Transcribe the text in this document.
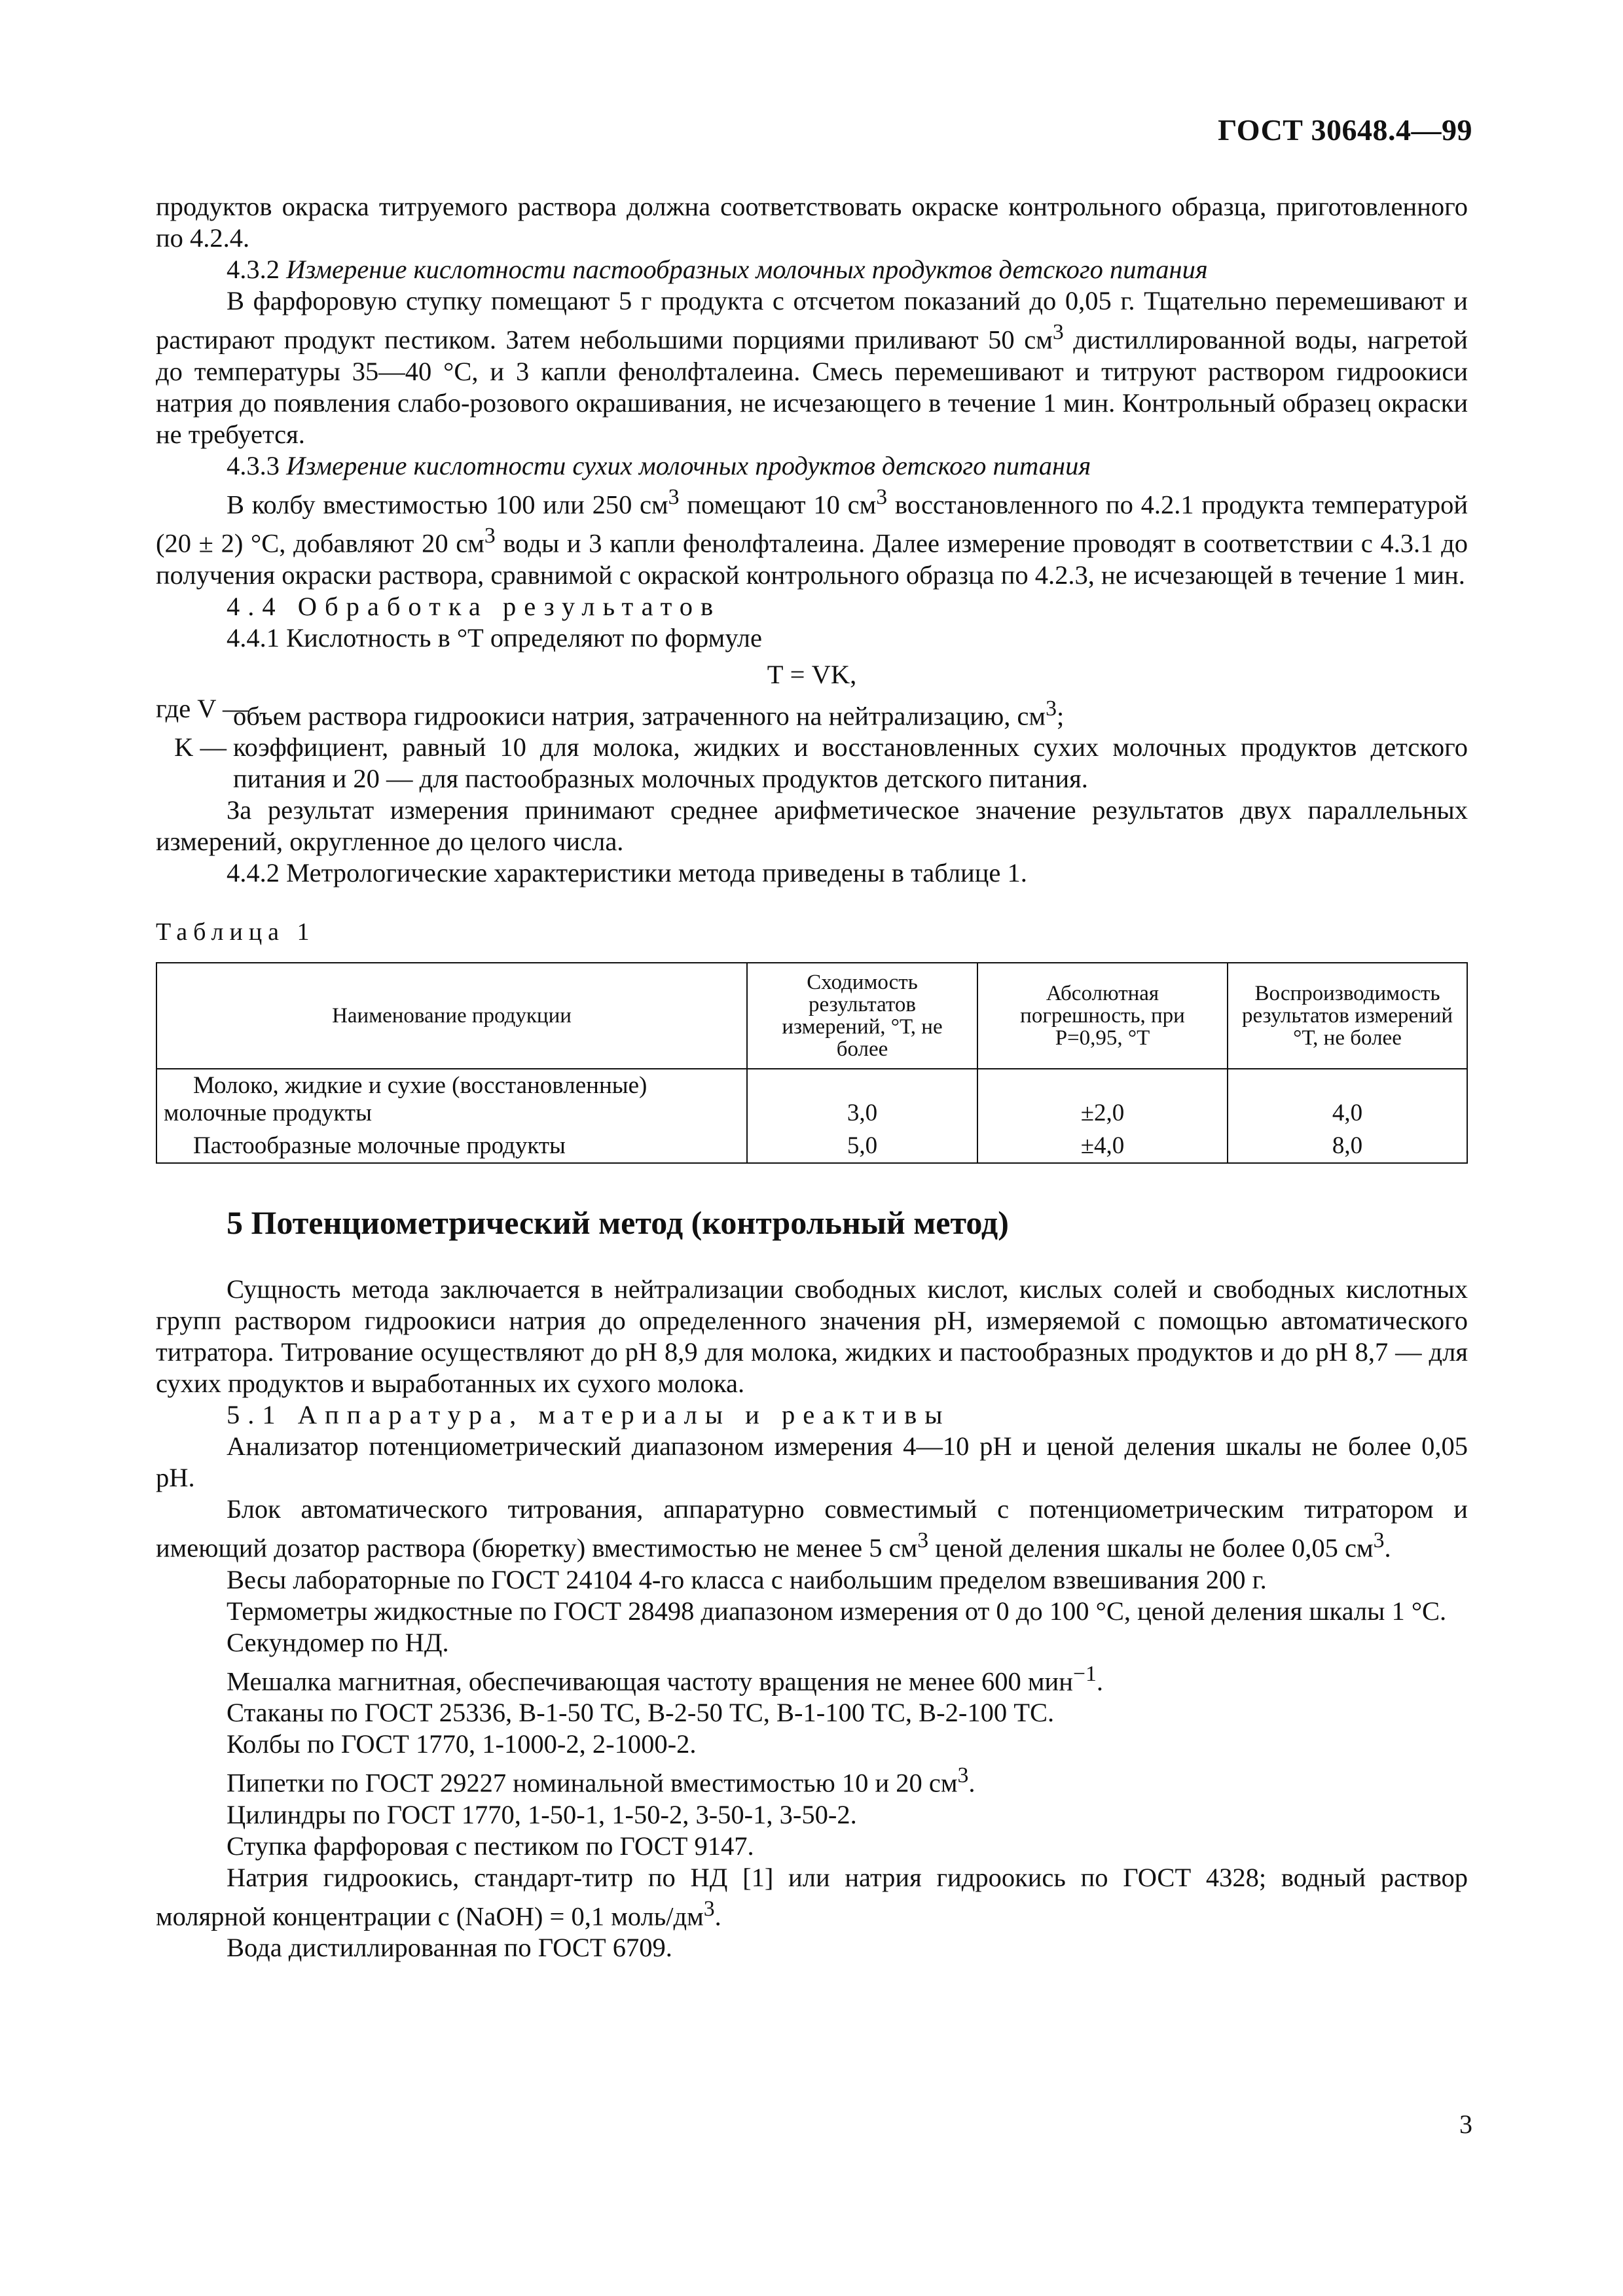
ГОСТ 30648.4—99

продуктов окраска титруемого раствора должна соответствовать окраске контрольного образца, приготовленного по 4.2.4.

4.3.2 Измерение кислотности пастообразных молочных продуктов детского питания

В фарфоровую ступку помещают 5 г продукта с отсчетом показаний до 0,05 г. Тщательно перемешивают и растирают продукт пестиком. Затем небольшими порциями приливают 50 $см^3$ дистиллированной воды, нагретой до температуры 35—40 °С, и 3 капли фенолфталеина. Смесь перемешивают и титруют раствором гидроокиси натрия до появления слабо-розового окрашивания, не исчезающего в течение 1 мин. Контрольный образец окраски не требуется.

4.3.3 Измерение кислотности сухих молочных продуктов детского питания

В колбу вместимостью 100 или 250 $см^3$ помещают 10 $см^3$ восстановленного по 4.2.1 продукта температурой (20 ± 2) °С, добавляют 20 $см^3$ воды и 3 капли фенолфталеина. Далее измерение проводят в соответствии с 4.3.1 до получения окраски раствора, сравнимой с окраской контрольного образца по 4.2.3, не исчезающей в течение 1 мин.

4.4 Обработка результатов

4.4.1 Кислотность в °Т определяют по формуле

Т = VK,

где V —
объем раствора гидроокиси натрия, затраченного на нейтрализацию, $см^3$;
K — коэффициент, равный 10 для молока, жидких и восстановленных сухих молочных продуктов детского питания и 20 — для пастообразных молочных продуктов детского питания.

За результат измерения принимают среднее арифметическое значение результатов двух параллельных измерений, округленное до целого числа.

4.4.2 Метрологические характеристики метода приведены в таблице 1.

Таблица 1

Наименование продукции	Сходимость результатов измерений, °Т, не более	Абсолютная погрешность, при P=0,95, °Т	Воспроизводимость результатов измерений °Т, не более
Молоко, жидкие и сухие (восстановленные) молочные продукты	3,0	±2,0	4,0
Пастообразные молочные продукты	5,0	±4,0	8,0

5 Потенциометрический метод (контрольный метод)

Сущность метода заключается в нейтрализации свободных кислот, кислых солей и свободных кислотных групп раствором гидроокиси натрия до определенного значения рН, измеряемой с помощью автоматического титратора. Титрование осуществляют до рН 8,9 для молока, жидких и пастообразных продуктов и до рН 8,7 — для сухих продуктов и выработанных их сухого молока.

5.1 Аппаратура, материалы и реактивы

Анализатор потенциометрический диапазоном измерения 4—10 рН и ценой деления шкалы не более 0,05 рН.

Блок автоматического титрования, аппаратурно совместимый с потенциометрическим титратором и имеющий дозатор раствора (бюретку) вместимостью не менее 5 $см^3$ ценой деления шкалы не более 0,05 $см^3$.

Весы лабораторные по ГОСТ 24104 4-го класса с наибольшим пределом взвешивания 200 г.

Термометры жидкостные по ГОСТ 28498 диапазоном измерения от 0 до 100 °С, ценой деления шкалы 1 °С.

Секундомер по НД.

Мешалка магнитная, обеспечивающая частоту вращения не менее 600 мин$^{-1}$.

Стаканы по ГОСТ 25336, В-1-50 ТС, В-2-50 ТС, В-1-100 ТС, В-2-100 ТС.

Колбы по ГОСТ 1770, 1-1000-2, 2-1000-2.

Пипетки по ГОСТ 29227 номинальной вместимостью 10 и 20 $см^3$.

Цилиндры по ГОСТ 1770, 1-50-1, 1-50-2, 3-50-1, 3-50-2.

Ступка фарфоровая с пестиком по ГОСТ 9147.

Натрия гидроокись, стандарт-титр по НД [1] или натрия гидроокись по ГОСТ 4328; водный раствор молярной концентрации c (NaOH) = 0,1 моль/$дм^3$.

Вода дистиллированная по ГОСТ 6709.

3
